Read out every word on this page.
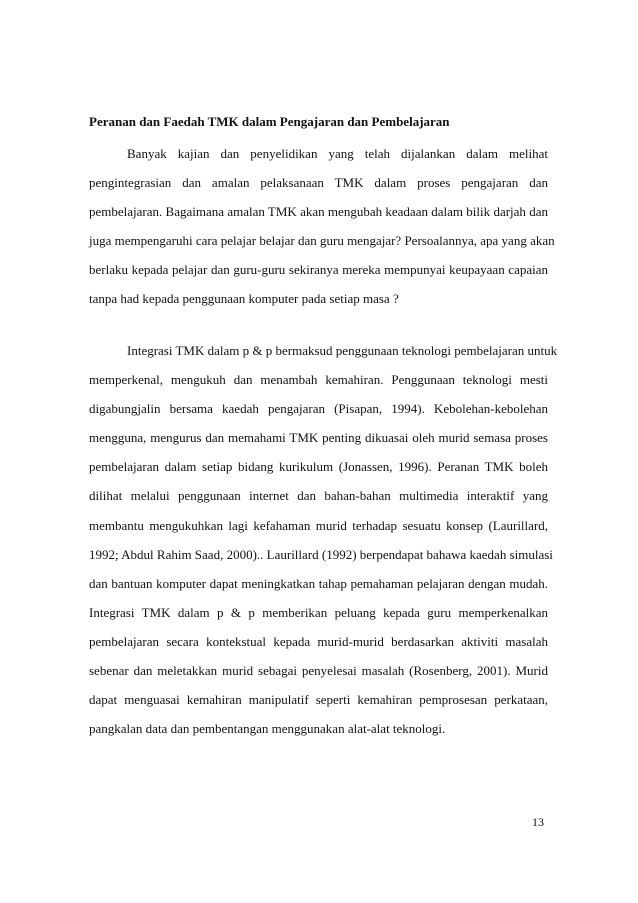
Peranan dan Faedah TMK dalam Pengajaran dan Pembelajaran

Banyak kajian dan penyelidikan yang telah dijalankan dalam melihat
pengintegrasian dan amalan pelaksanaan TMK dalam proses pengajaran dan
pembelajaran. Bagaimana amalan TMK akan mengubah keadaan dalam bilik darjah dan
juga mempengaruhi cara pelajar belajar dan guru mengajar? Persoalannya, apa yang akan
berlaku kepada pelajar dan guru-guru sekiranya mereka mempunyai keupayaan capaian
tanpa had kepada penggunaan komputer pada setiap masa ?
Integrasi TMK dalam p & p bermaksud penggunaan teknologi pembelajaran untuk
memperkenal, mengukuh dan menambah kemahiran. Penggunaan teknologi mesti
digabungjalin bersama kaedah pengajaran (Pisapan, 1994). Kebolehan-kebolehan
mengguna, mengurus dan memahami TMK penting dikuasai oleh murid semasa proses
pembelajaran dalam setiap bidang kurikulum (Jonassen, 1996). Peranan TMK boleh
dilihat melalui penggunaan internet dan bahan-bahan multimedia interaktif yang
membantu mengukuhkan lagi kefahaman murid terhadap sesuatu konsep (Laurillard,
1992; Abdul Rahim Saad, 2000).. Laurillard (1992) berpendapat bahawa kaedah simulasi
dan bantuan komputer dapat meningkatkan tahap pemahaman pelajaran dengan mudah.
Integrasi TMK dalam p & p memberikan peluang kepada guru memperkenalkan
pembelajaran secara kontekstual kepada murid-murid berdasarkan aktiviti masalah
sebenar dan meletakkan murid sebagai penyelesai masalah (Rosenberg, 2001). Murid
dapat menguasai kemahiran manipulatif seperti kemahiran pemprosesan perkataan,
pangkalan data dan pembentangan menggunakan alat-alat teknologi.

13
